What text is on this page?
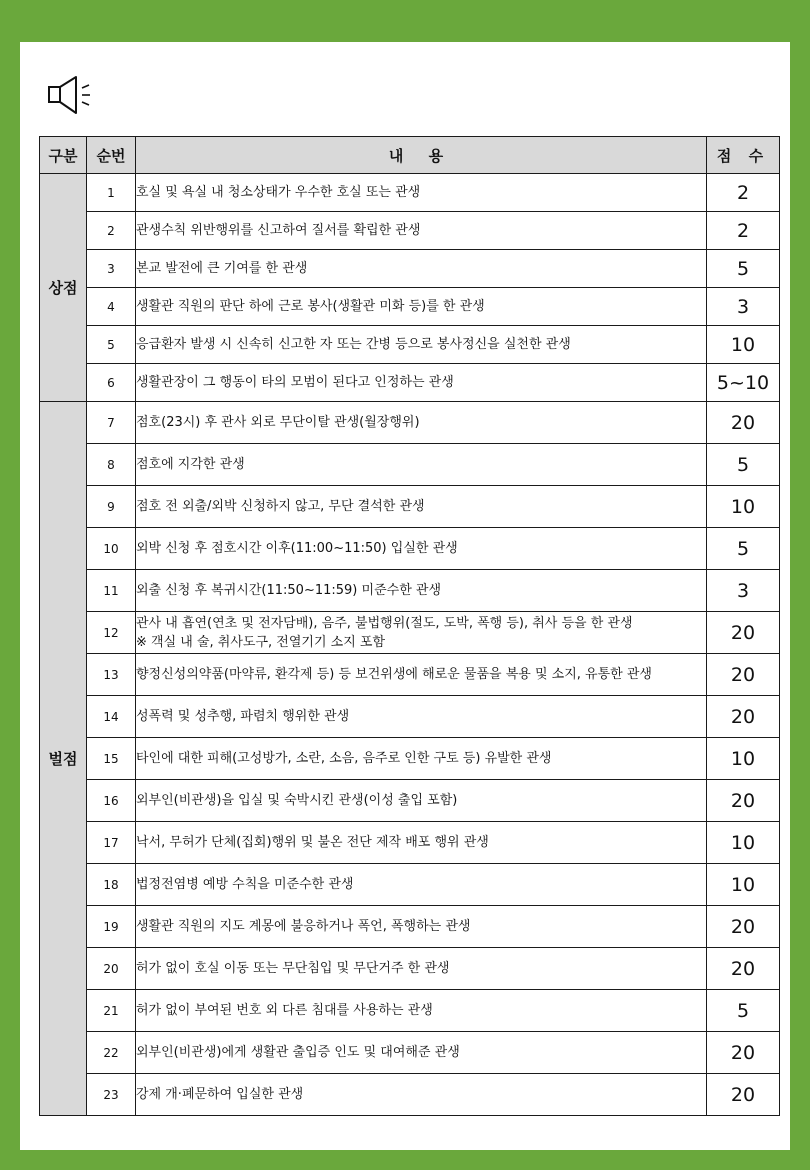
구분	순번	내 용	점 수
상점	1	호실 및 욕실 내 청소상태가 우수한 호실 또는 관생	2
	2	관생수칙 위반행위를 신고하여 질서를 확립한 관생	2
	3	본교 발전에 큰 기여를 한 관생	5
	4	생활관 직원의 판단 하에 근로 봉사(생활관 미화 등)를 한 관생	3
	5	응급환자 발생 시 신속히 신고한 자 또는 간병 등으로 봉사정신을 실천한 관생	10
	6	생활관장이 그 행동이 타의 모범이 된다고 인정하는 관생	5~10
벌점	7	점호(23시) 후 관사 외로 무단이탈 관생(월장행위)	20
	8	점호에 지각한 관생	5
	9	점호 전 외출/외박 신청하지 않고, 무단 결석한 관생	10
	10	외박 신청 후 점호시간 이후(11:00~11:50) 입실한 관생	5
	11	외출 신청 후 복귀시간(11:50~11:59) 미준수한 관생	3
	12	관사 내 흡연(연초 및 전자담배), 음주, 불법행위(절도, 도박, 폭행 등), 취사 등을 한 관생
※ 객실 내 술, 취사도구, 전열기기 소지 포함	20
	13	향정신성의약품(마약류, 환각제 등) 등 보건위생에 해로운 물품을 복용 및 소지, 유통한 관생	20
	14	성폭력 및 성추행, 파렴치 행위한 관생	20
	15	타인에 대한 피해(고성방가, 소란, 소음, 음주로 인한 구토 등) 유발한 관생	10
	16	외부인(비관생)을 입실 및 숙박시킨 관생(이성 출입 포함)	20
	17	낙서, 무허가 단체(집회)행위 및 불온 전단 제작 배포 행위 관생	10
	18	법정전염병 예방 수칙을 미준수한 관생	10
	19	생활관 직원의 지도 계몽에 불응하거나 폭언, 폭행하는 관생	20
	20	허가 없이 호실 이동 또는 무단침입 및 무단거주 한 관생	20
	21	허가 없이 부여된 번호 외 다른 침대를 사용하는 관생	5
	22	외부인(비관생)에게 생활관 출입증 인도 및 대여해준 관생	20
	23	강제 개·폐문하여 입실한 관생	20
